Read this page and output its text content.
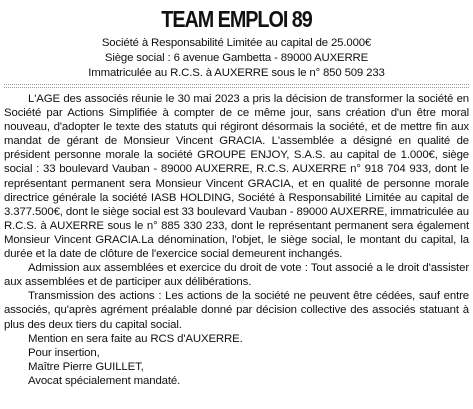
TEAM EMPLOI 89

Société à Responsabilité Limitée au capital de 25.000€

Siège social : 6 avenue Gambetta - 89000 AUXERRE

Immatriculée au R.C.S. à AUXERRE sous le n° 850 509 233

L'AGE des associés réunie le 30 mai 2023 a pris la décision de transformer la société en Société par Actions Simplifiée à compter de ce même jour, sans création d'un être moral nouveau, d'adopter le texte des statuts qui régiront désormais la société, et de mettre fin aux mandat de gérant de Monsieur Vincent GRACIA. L'assemblée a désigné en qualité de président personne morale la société GROUPE ENJOY, S.A.S. au capital de 1.000€, siège social : 33 boulevard Vauban - 89000 AUXERRE, R.C.S. AUXERRE n° 918 704 933, dont le représentant permanent sera Monsieur Vincent GRACIA, et en qualité de personne morale directrice générale la société IASB HOLDING, Société à Responsabilité Limitée au capital de 3.377.500€, dont le siège social est 33 boulevard Vauban - 89000 AUXERRE, immatriculée au R.C.S. à AUXERRE sous le n° 885 330 233, dont le représentant permanent sera également Monsieur Vincent GRACIA.La dénomination, l'objet, le siège social, le montant du capital, la durée et la date de clôture de l'exercice social demeurent inchangés.

Admission aux assemblées et exercice du droit de vote : Tout associé a le droit d'assister aux assemblées et de participer aux délibérations.

Transmission des actions : Les actions de la société ne peuvent être cédées, sauf entre associés, qu'après agrément préalable donné par décision collective des associés statuant à plus des deux tiers du capital social.

Mention en sera faite au RCS d'AUXERRE.

Pour insertion,

Maître Pierre GUILLET,

Avocat spécialement mandaté.
